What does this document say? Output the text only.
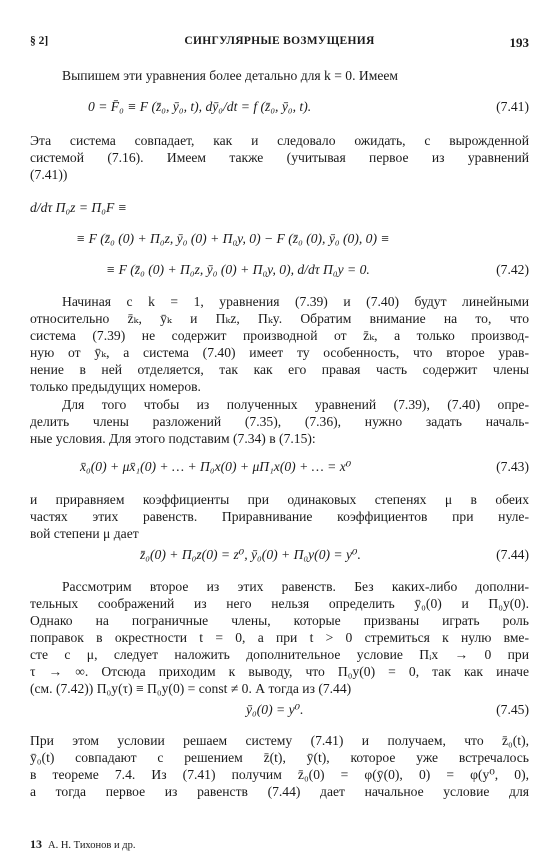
§ 2]	СИНГУЛЯРНЫЕ ВОЗМУЩЕНИЯ	193
Выпишем эти уравнения более детально для k = 0. Имеем
0 = F̄₀ ≡ F (z̄₀, ȳ₀, t), dȳ₀/dt = f (z̄₀, ȳ₀, t).	(7.41)
Эта система совпадает, как и следовало ожидать, с вырожденной
системой (7.16). Имеем также (учитывая первое из уравнений
(7.41))
d/dτ Π₀z = Π₀F ≡
≡ F (z̄₀ (0) + Π₀z, ȳ₀ (0) + Π₀y, 0) − F (z̄₀ (0), ȳ₀ (0), 0) ≡
≡ F (z̄₀ (0) + Π₀z, ȳ₀ (0) + Π₀y, 0), d/dτ Π₀y = 0.	(7.42)
Начиная с k = 1, уравнения (7.39) и (7.40) будут линейными
относительно z̄ₖ, ȳₖ и Πₖz, Πₖy. Обратим внимание на то, что
система (7.39) не содержит производной от z̄ₖ, а только производ-
ную от ȳₖ, а система (7.40) имеет ту особенность, что второе урав-
нение в ней отделяется, так как его правая часть содержит члены
только предыдущих номеров.
Для того чтобы из полученных уравнений (7.39), (7.40) опре-
делить члены разложений (7.35), (7.36), нужно задать началь-
ные условия. Для этого подставим (7.34) в (7.15):
x̄₀(0) + μx̄₁(0) + … + Π₀x(0) + μΠ₁x(0) + … = x⁰	(7.43)
и приравняем коэффициенты при одинаковых степенях μ в обеих
частях этих равенств. Приравнивание коэффициентов при нуле-
вой степени μ дает
z̄₀(0) + Π₀z(0) = z⁰, ȳ₀(0) + Π₀y(0) = y⁰.	(7.44)
Рассмотрим второе из этих равенств. Без каких-либо дополни-
тельных соображений из него нельзя определить ȳ₀(0) и Π₀y(0).
Однако на пограничные члены, которые призваны играть роль
поправок в окрестности t = 0, а при t > 0 стремиться к нулю вме-
сте с μ, следует наложить дополнительное условие Πᵢx → 0 при
τ → ∞. Отсюда приходим к выводу, что Π₀y(0) = 0, так как иначе
(см. (7.42)) Π₀y(τ) ≡ Π₀y(0) = const ≠ 0. А тогда из (7.44)
ȳ₀(0) = y⁰.	(7.45)
При этом условии решаем систему (7.41) и получаем, что z̄₀(t),
ȳ₀(t) совпадают с решением z̄(t), ȳ(t), которое уже встречалось
в теореме 7.4. Из (7.41) получим z̄₀(0) = φ(ȳ(0), 0) = φ(y⁰, 0),
а тогда первое из равенств (7.44) дает начальное условие для
13 А. Н. Тихонов и др.
